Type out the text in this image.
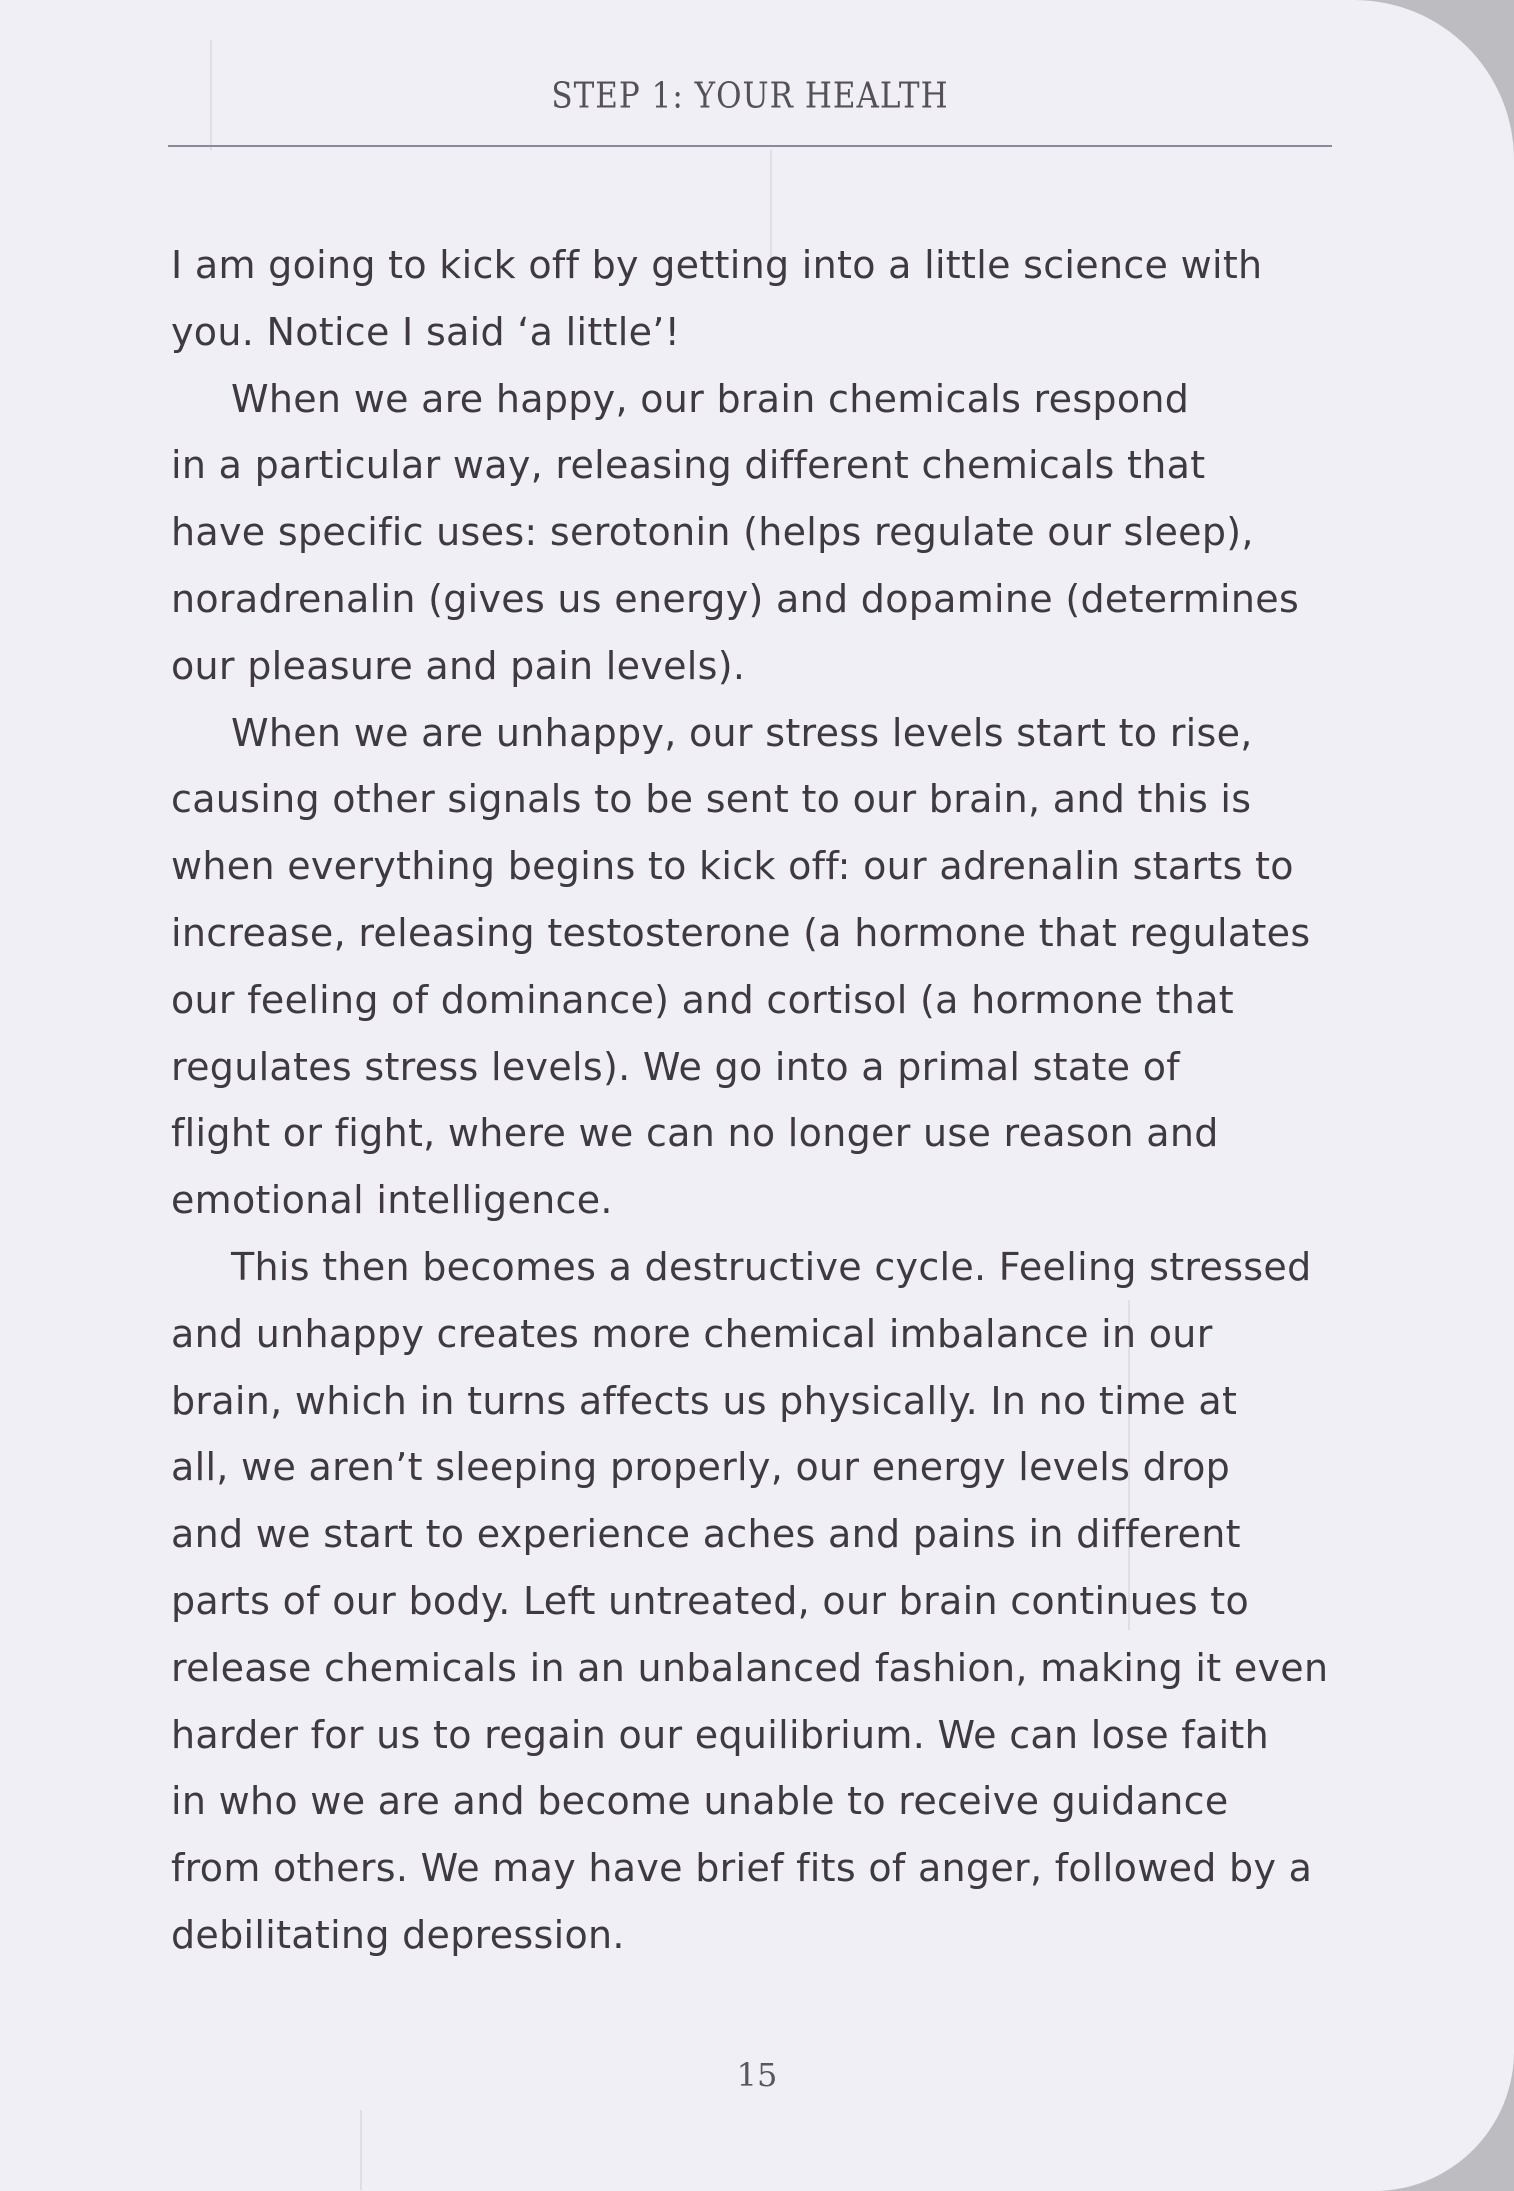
STEP 1: YOUR HEALTH

I am going to kick off by getting into a little science with
you. Notice I said ‘a little’!

When we are happy, our brain chemicals respond
in a particular way, releasing different chemicals that
have specific uses: serotonin (helps regulate our sleep),
noradrenalin (gives us energy) and dopamine (determines
our pleasure and pain levels).

When we are unhappy, our stress levels start to rise,
causing other signals to be sent to our brain, and this is
when everything begins to kick off: our adrenalin starts to
increase, releasing testosterone (a hormone that regulates
our feeling of dominance) and cortisol (a hormone that
regulates stress levels). We go into a primal state of
flight or fight, where we can no longer use reason and
emotional intelligence.

This then becomes a destructive cycle. Feeling stressed
and unhappy creates more chemical imbalance in our
brain, which in turns affects us physically. In no time at
all, we aren’t sleeping properly, our energy levels drop
and we start to experience aches and pains in different
parts of our body. Left untreated, our brain continues to
release chemicals in an unbalanced fashion, making it even
harder for us to regain our equilibrium. We can lose faith
in who we are and become unable to receive guidance
from others. We may have brief fits of anger, followed by a
debilitating depression.

15
